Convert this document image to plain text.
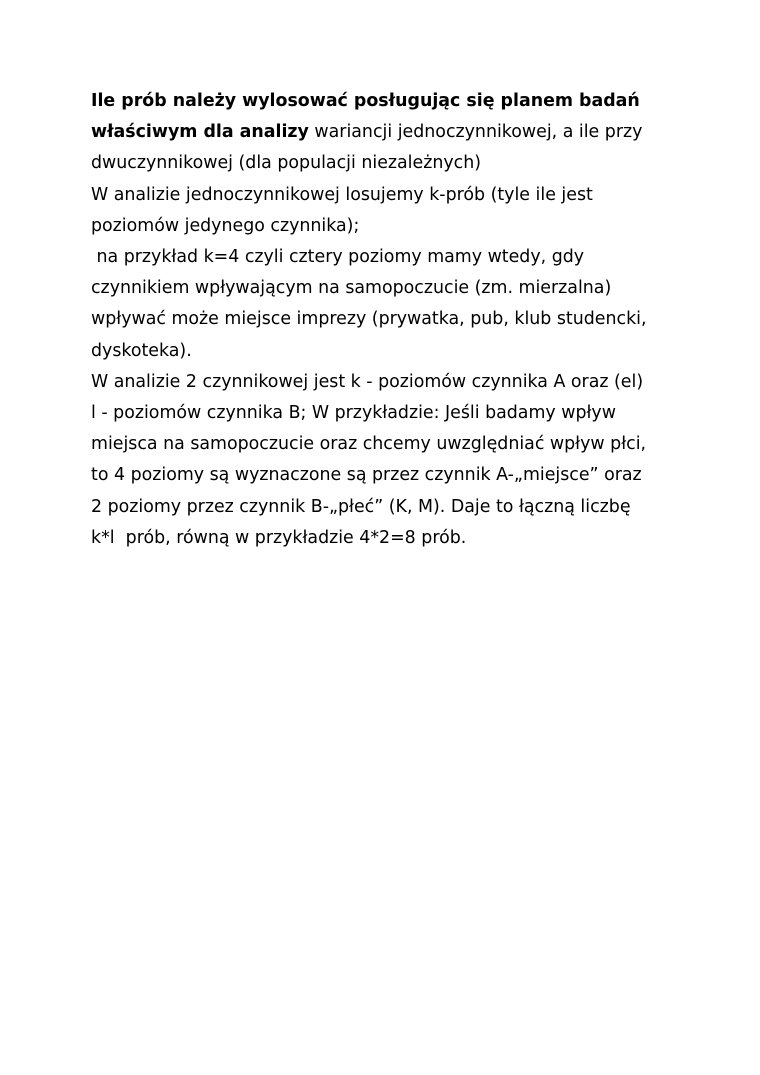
Ile prób należy wylosować posługując się planem badań
właściwym dla analizy wariancji jednoczynnikowej, a ile przy
dwuczynnikowej (dla populacji niezależnych)
W analizie jednoczynnikowej losujemy k-prób (tyle ile jest
poziomów jedynego czynnika);
na przykład k=4 czyli cztery poziomy mamy wtedy, gdy
czynnikiem wpływającym na samopoczucie (zm. mierzalna)
wpływać może miejsce imprezy (prywatka, pub, klub studencki,
dyskoteka).
W analizie 2 czynnikowej jest k - poziomów czynnika A oraz (el)
l - poziomów czynnika B; W przykładzie: Jeśli badamy wpływ
miejsca na samopoczucie oraz chcemy uwzględniać wpływ płci,
to 4 poziomy są wyznaczone są przez czynnik A-„miejsce” oraz
2 poziomy przez czynnik B-„płeć” (K, M). Daje to łączną liczbę
k*l  prób, równą w przykładzie 4*2=8 prób.
